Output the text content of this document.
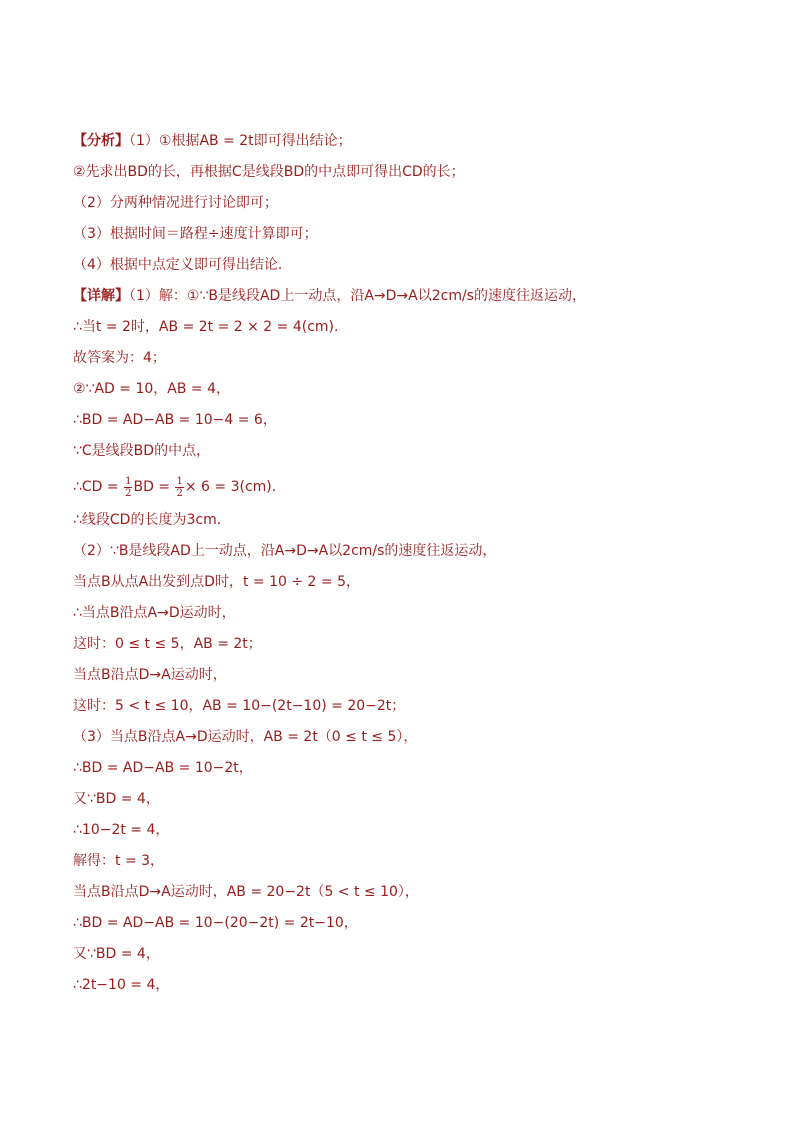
【分析】（1）①根据AB = 2t即可得出结论；
②先求出BD的长，再根据C是线段BD的中点即可得出CD的长；
（2）分两种情况进行讨论即可；
（3）根据时间＝路程÷速度计算即可；
（4）根据中点定义即可得出结论．
【详解】（1）解：①∵B是线段AD上一动点，沿A→D→A以2cm/s的速度往返运动，
∴当t = 2时，AB = 2t = 2 × 2 = 4(cm)．
故答案为：4；
②∵AD = 10，AB = 4，
∴BD = AD−AB = 10−4 = 6，
∵C是线段BD的中点，
∴CD = $\frac{1}{2}$ BD = $\frac{1}{2} \times 6 = 3(cm)$．
∴线段CD的长度为3cm．
（2）∵B是线段AD上一动点，沿A→D→A以2cm/s的速度往返运动，
当点B从点A出发到点D时，t = 10 ÷ 2 = 5，
∴当点B沿点A→D运动时，
这时：0 ≤ t ≤ 5，AB = 2t；
当点B沿点D→A运动时，
这时：5 < t ≤ 10，AB = 10−(2t−10) = 20−2t；
（3）当点B沿点A→D运动时，AB = 2t（0 ≤ t ≤ 5），
∴BD = AD−AB = 10−2t，
又∵BD = 4，
∴10−2t = 4，
解得：t = 3，
当点B沿点D→A运动时，AB = 20−2t（5 < t ≤ 10），
∴BD = AD−AB = 10−(20−2t) = 2t−10，
又∵BD = 4，
∴2t−10 = 4，
